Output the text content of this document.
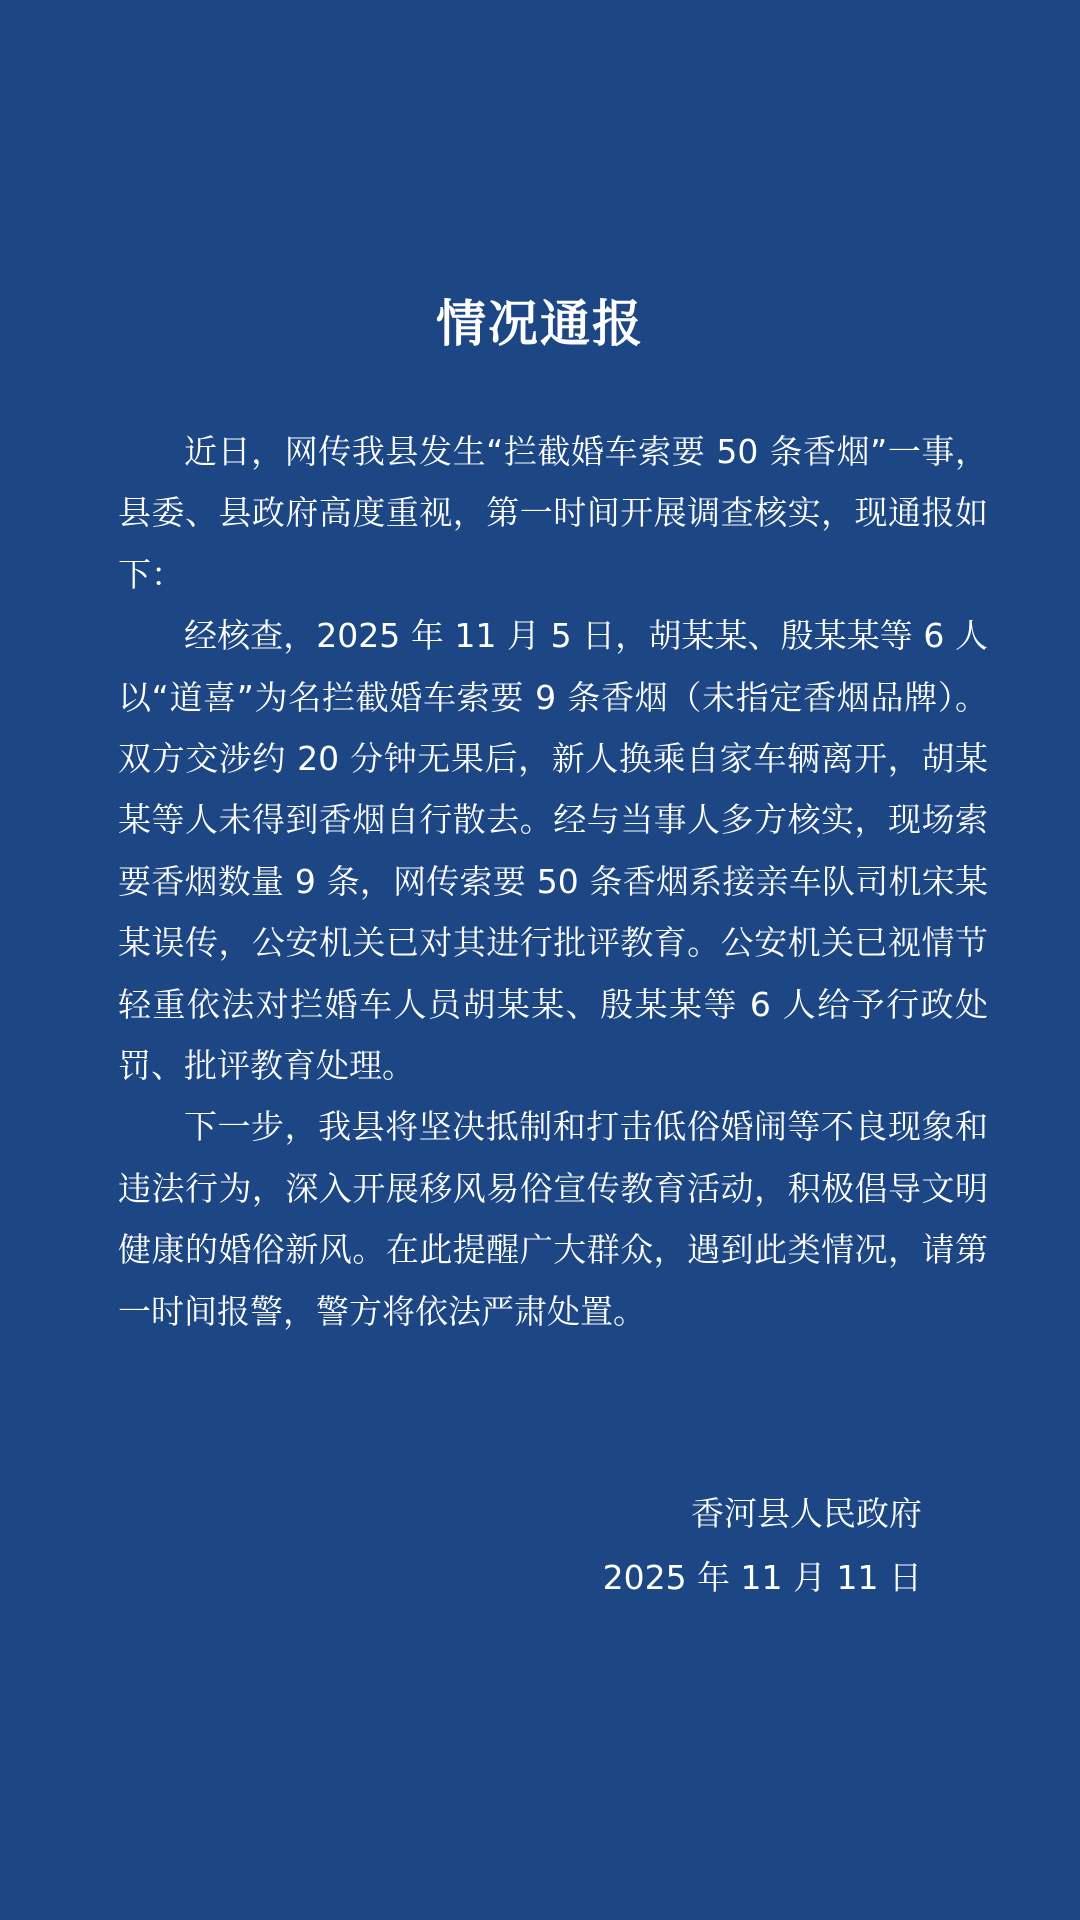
情况通报

近日，网传我县发生“拦截婚车索要 50 条香烟”一事，县委、县政府高度重视，第一时间开展调查核实，现通报如下：

经核查，2025 年 11 月 5 日，胡某某、殷某某等 6 人以“道喜”为名拦截婚车索要 9 条香烟（未指定香烟品牌）。双方交涉约 20 分钟无果后，新人换乘自家车辆离开，胡某某等人未得到香烟自行散去。经与当事人多方核实，现场索要香烟数量 9 条，网传索要 50 条香烟系接亲车队司机宋某某误传，公安机关已对其进行批评教育。公安机关已视情节轻重依法对拦婚车人员胡某某、殷某某等 6 人给予行政处罚、批评教育处理。

下一步，我县将坚决抵制和打击低俗婚闹等不良现象和违法行为，深入开展移风易俗宣传教育活动，积极倡导文明健康的婚俗新风。在此提醒广大群众，遇到此类情况，请第一时间报警，警方将依法严肃处置。

香河县人民政府
2025 年 11 月 11 日
